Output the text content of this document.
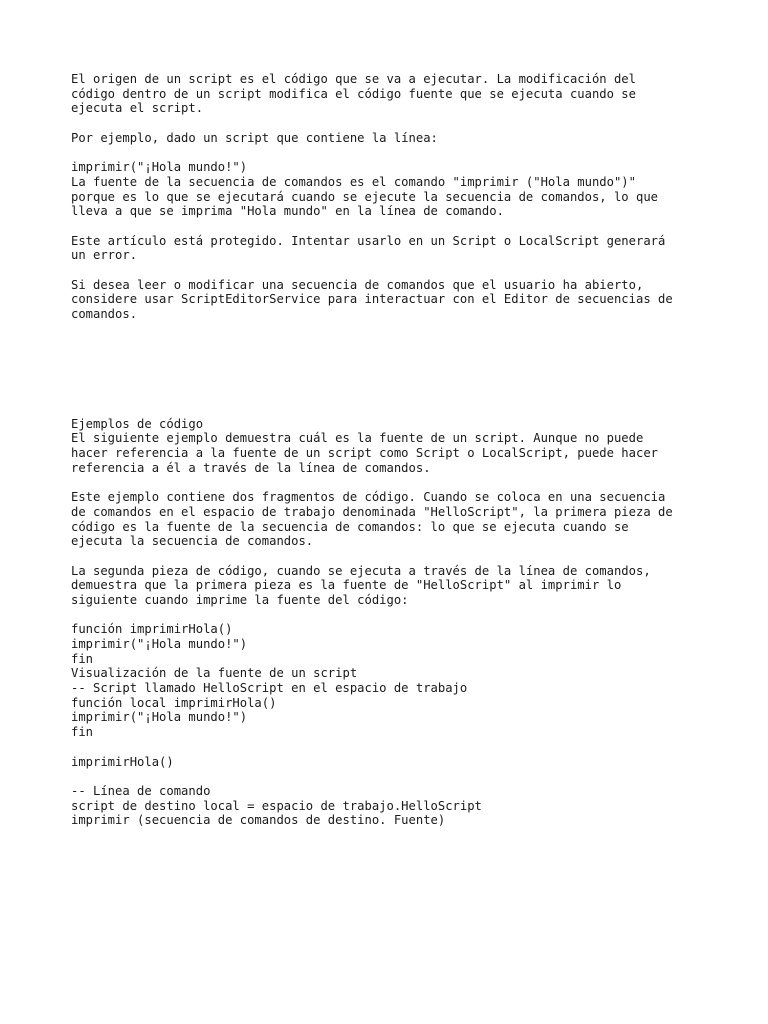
El origen de un script es el código que se va a ejecutar. La modificación del
código dentro de un script modifica el código fuente que se ejecuta cuando se
ejecuta el script.
Por ejemplo, dado un script que contiene la línea:
imprimir("¡Hola mundo!")
La fuente de la secuencia de comandos es el comando "imprimir ("Hola mundo")"
porque es lo que se ejecutará cuando se ejecute la secuencia de comandos, lo que
lleva a que se imprima "Hola mundo" en la línea de comando.
Este artículo está protegido. Intentar usarlo en un Script o LocalScript generará
un error.
Si desea leer o modificar una secuencia de comandos que el usuario ha abierto,
considere usar ScriptEditorService para interactuar con el Editor de secuencias de
comandos.
Ejemplos de código
El siguiente ejemplo demuestra cuál es la fuente de un script. Aunque no puede
hacer referencia a la fuente de un script como Script o LocalScript, puede hacer
referencia a él a través de la línea de comandos.
Este ejemplo contiene dos fragmentos de código. Cuando se coloca en una secuencia
de comandos en el espacio de trabajo denominada "HelloScript", la primera pieza de
código es la fuente de la secuencia de comandos: lo que se ejecuta cuando se
ejecuta la secuencia de comandos.
La segunda pieza de código, cuando se ejecuta a través de la línea de comandos,
demuestra que la primera pieza es la fuente de "HelloScript" al imprimir lo
siguiente cuando imprime la fuente del código:
función imprimirHola()
imprimir("¡Hola mundo!")
fin
Visualización de la fuente de un script
-- Script llamado HelloScript en el espacio de trabajo
función local imprimirHola()
imprimir("¡Hola mundo!")
fin
imprimirHola()
-- Línea de comando
script de destino local = espacio de trabajo.HelloScript
imprimir (secuencia de comandos de destino. Fuente)
